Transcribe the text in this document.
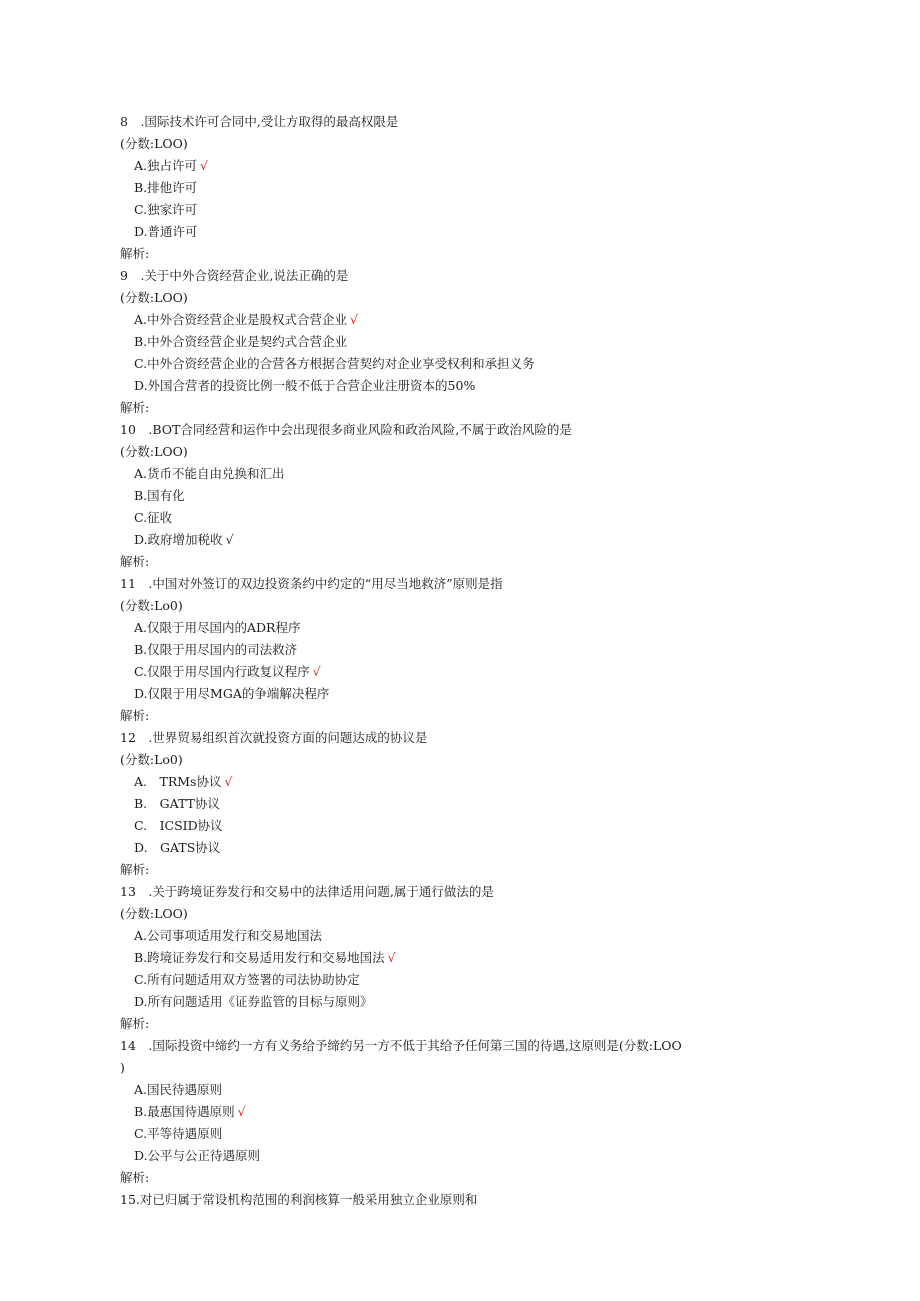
8　.国际技术许可合同中,受让方取得的最高权限是
(分数:LOO)
A.独占许可 √
B.排他许可
C.独家许可
D.普通许可
解析:
9　.关于中外合资经营企业,说法正确的是
(分数:LOO)
A.中外合资经营企业是股权式合营企业 √
B.中外合资经营企业是契约式合营企业
C.中外合资经营企业的合营各方根据合营契约对企业享受权利和承担义务
D.外国合营者的投资比例一般不低于合营企业注册资本的50%
解析:
10　.BOT合同经营和运作中会出现很多商业风险和政治风险,不属于政治风险的是
(分数:LOO)
A.货币不能自由兑换和汇出
B.国有化
C.征收
D.政府增加税收 √
解析:
11　.中国对外签订的双边投资条约中约定的“用尽当地救济”原则是指
(分数:Lo0)
A.仅限于用尽国内的ADR程序
B.仅限于用尽国内的司法救济
C.仅限于用尽国内行政复议程序 √
D.仅限于用尽MGA的争端解决程序
解析:
12　.世界贸易组织首次就投资方面的问题达成的协议是
(分数:Lo0)
A.　TRMs协议 √
B.　GATT协议
C.　ICSID协议
D.　GATS协议
解析:
13　.关于跨境证券发行和交易中的法律适用问题,属于通行做法的是
(分数:LOO)
A.公司事项适用发行和交易地国法
B.跨境证券发行和交易适用发行和交易地国法 √
C.所有问题适用双方签署的司法协助协定
D.所有问题适用《证券监管的目标与原则》
解析:
14　.国际投资中缔约一方有义务给予缔约另一方不低于其给予任何第三国的待遇,这原则是(分数:LOO
)
A.国民待遇原则
B.最惠国待遇原则 √
C.平等待遇原则
D.公平与公正待遇原则
解析:
15.对已归属于常设机构范围的利润核算一般采用独立企业原则和
